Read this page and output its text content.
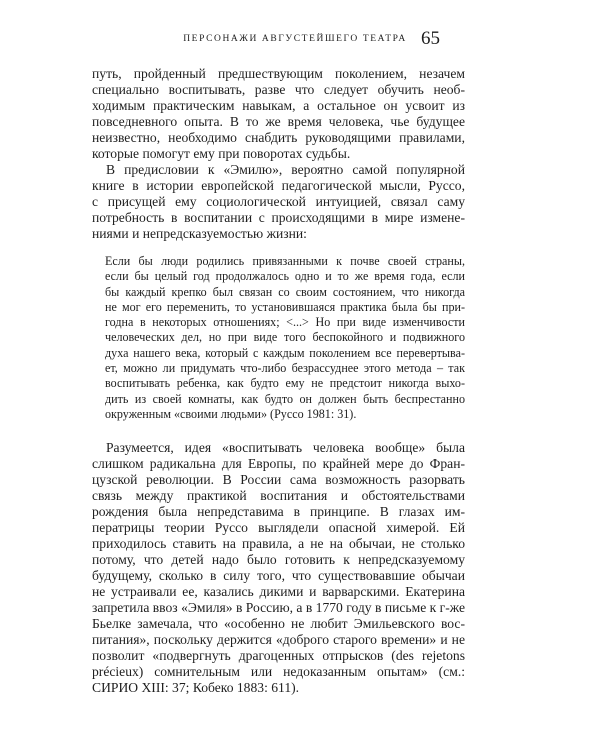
ПЕРСОНАЖИ АВГУСТЕЙШЕГО ТЕАТРА 65
путь, пройденный предшествующим поколением, незачем
специально воспитывать, разве что следует обучить необ-
ходимым практическим навыкам, а остальное он усвоит из
повседневного опыта. В то же время человека, чье будущее
неизвестно, необходимо снабдить руководящими правилами,
которые помогут ему при поворотах судьбы.
В предисловии к «Эмилю», вероятно самой популярной
книге в истории европейской педагогической мысли, Руссо,
с присущей ему социологической интуицией, связал саму
потребность в воспитании с происходящими в мире измене-
ниями и непредсказуемостью жизни:
Если бы люди родились привязанными к почве своей страны,
если бы целый год продолжалось одно и то же время года, если
бы каждый крепко был связан со своим состоянием, что никогда
не мог его переменить, то установившаяся практика была бы при-
годна в некоторых отношениях; <...> Но при виде изменчивости
человеческих дел, но при виде того беспокойного и подвижного
духа нашего века, который с каждым поколением все перевертыва-
ет, можно ли придумать что-либо безрассуднее этого метода – так
воспитывать ребенка, как будто ему не предстоит никогда выхо-
дить из своей комнаты, как будто он должен быть беспрестанно
окруженным «своими людьми» (Руссо 1981: 31).
Разумеется, идея «воспитывать человека вообще» была
слишком радикальна для Европы, по крайней мере до Фран-
цузской революции. В России сама возможность разорвать
связь между практикой воспитания и обстоятельствами
рождения была непредставима в принципе. В глазах им-
ператрицы теории Руссо выглядели опасной химерой. Ей
приходилось ставить на правила, а не на обычаи, не столько
потому, что детей надо было готовить к непредсказуемому
будущему, сколько в силу того, что существовавшие обычаи
не устраивали ее, казались дикими и варварскими. Екатерина
запретила ввоз «Эмиля» в Россию, а в 1770 году в письме к г-же
Бьелке замечала, что «особенно не любит Эмильевского вос-
питания», поскольку держится «доброго старого времени» и не
позволит «подвергнуть драгоценных отпрысков (des rejetons
précieux) сомнительным или недоказанным опытам» (см.:
СИРИО XIII: 37; Кобеко 1883: 611).
